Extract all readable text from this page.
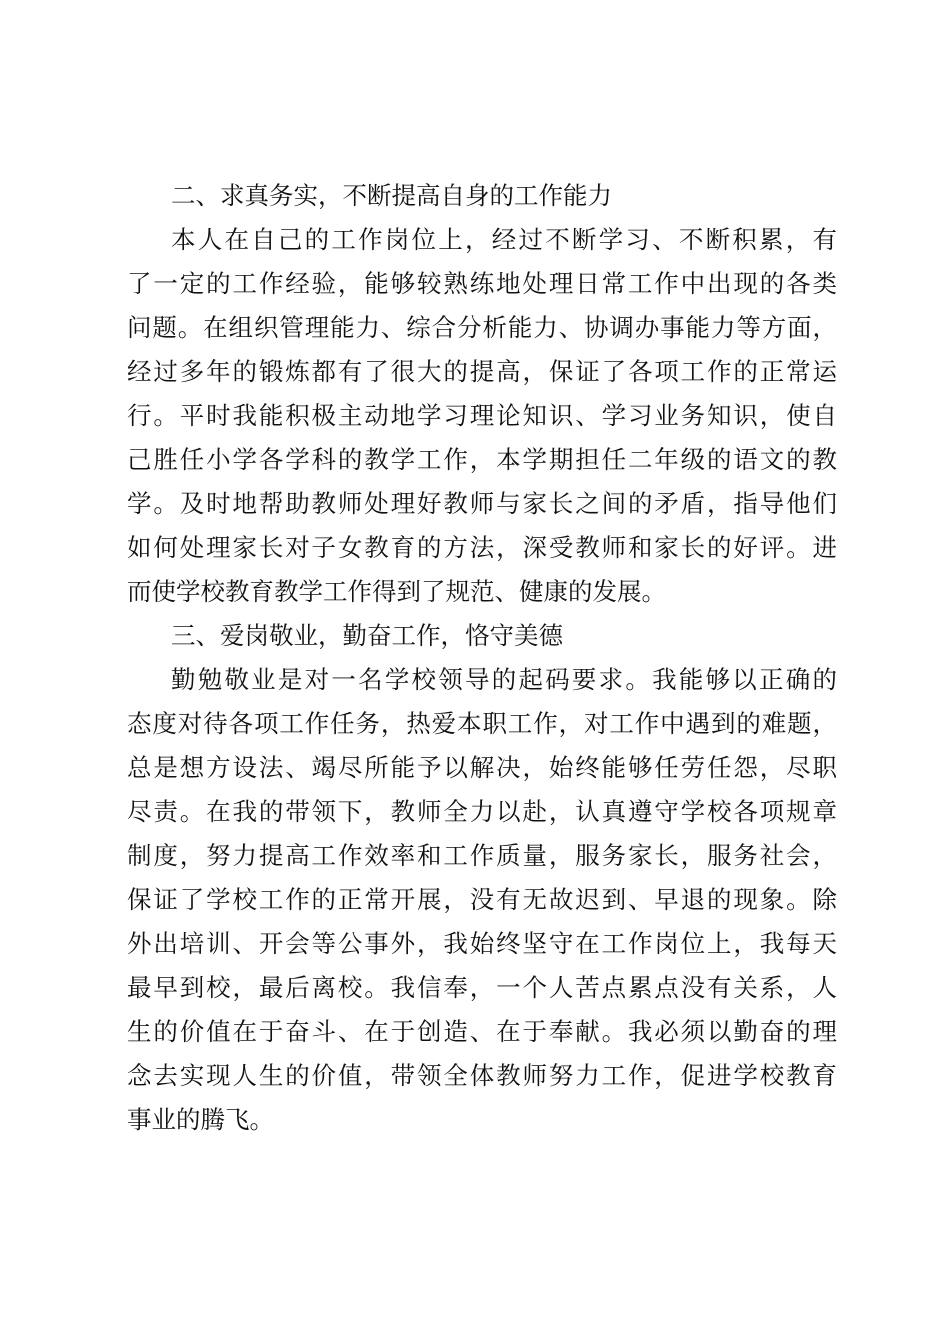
二、求真务实，不断提高自身的工作能力
本人在自己的工作岗位上，经过不断学习、不断积累，有
了一定的工作经验，能够较熟练地处理日常工作中出现的各类
问题。在组织管理能力、综合分析能力、协调办事能力等方面，
经过多年的锻炼都有了很大的提高，保证了各项工作的正常运
行。平时我能积极主动地学习理论知识、学习业务知识，使自
己胜任小学各学科的教学工作，本学期担任二年级的语文的教
学。及时地帮助教师处理好教师与家长之间的矛盾，指导他们
如何处理家长对子女教育的方法，深受教师和家长的好评。进
而使学校教育教学工作得到了规范、健康的发展。
三、爱岗敬业，勤奋工作，恪守美德
勤勉敬业是对一名学校领导的起码要求。我能够以正确的
态度对待各项工作任务，热爱本职工作，对工作中遇到的难题，
总是想方设法、竭尽所能予以解决，始终能够任劳任怨，尽职
尽责。在我的带领下，教师全力以赴，认真遵守学校各项规章
制度，努力提高工作效率和工作质量，服务家长，服务社会，
保证了学校工作的正常开展，没有无故迟到、早退的现象。除
外出培训、开会等公事外，我始终坚守在工作岗位上，我每天
最早到校，最后离校。我信奉，一个人苦点累点没有关系，人
生的价值在于奋斗、在于创造、在于奉献。我必须以勤奋的理
念去实现人生的价值，带领全体教师努力工作，促进学校教育
事业的腾飞。
